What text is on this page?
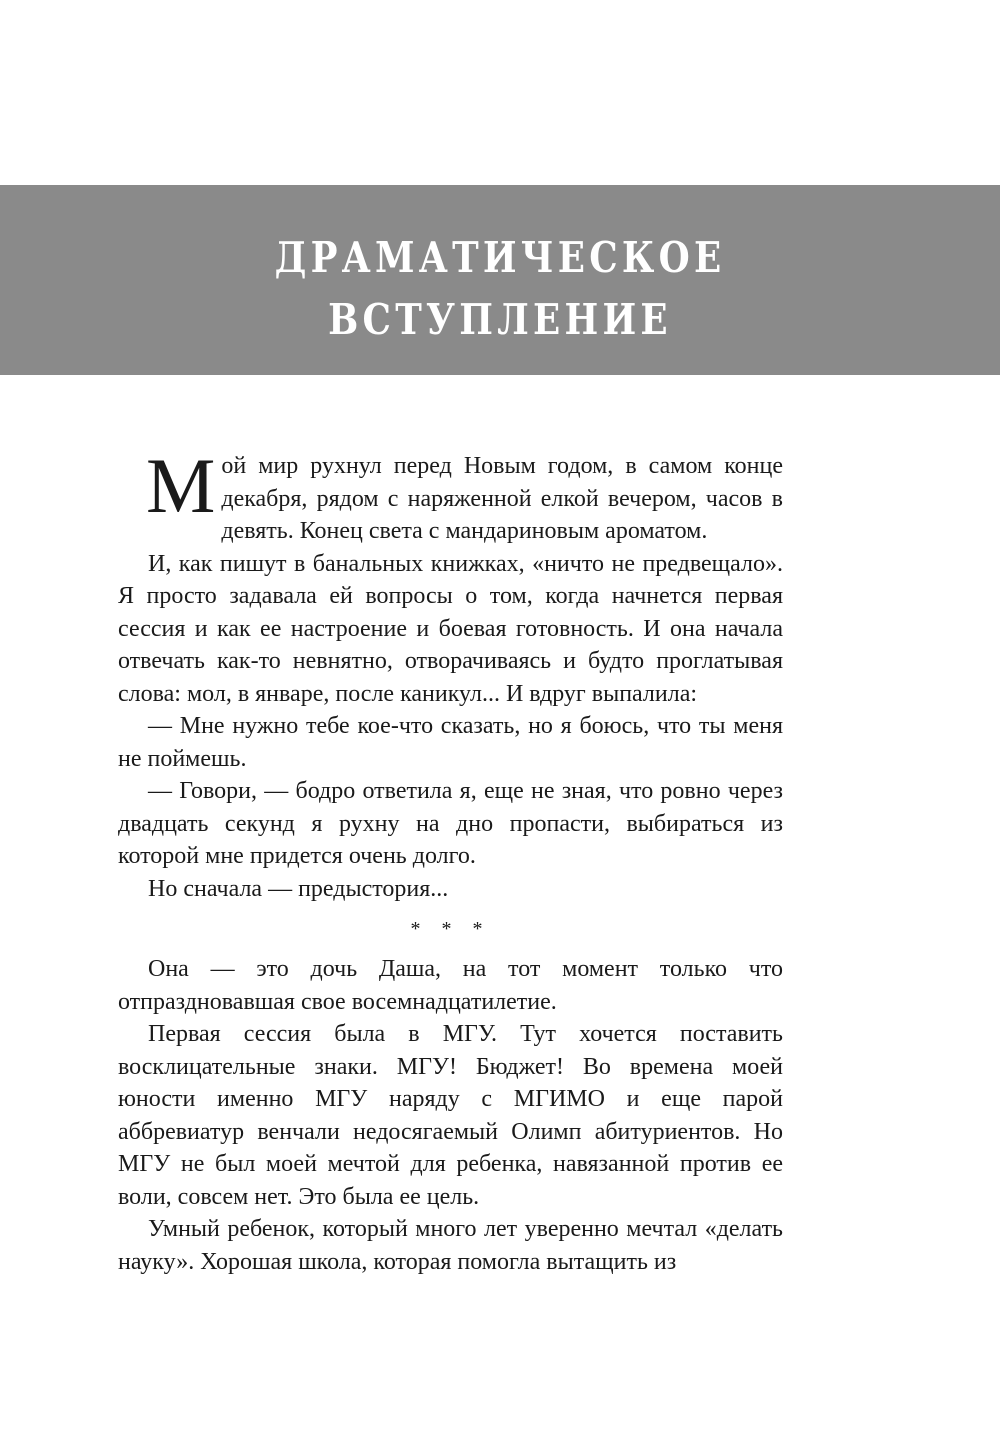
ДРАМАТИЧЕСКОЕ
ВСТУПЛЕНИЕ

Мой мир рухнул перед Новым годом, в самом конце декабря, рядом с наряженной елкой вечером, часов в девять. Конец света с мандариновым ароматом.

И, как пишут в банальных книжках, «ничто не предвещало». Я просто задавала ей вопросы о том, когда начнется первая сессия и как ее настроение и боевая готовность. И она начала отвечать как-то невнятно, отворачиваясь и будто проглатывая слова: мол, в январе, после каникул... И вдруг выпалила:

— Мне нужно тебе кое-что сказать, но я боюсь, что ты меня не поймешь.

— Говори, — бодро ответила я, еще не зная, что ровно через двадцать секунд я рухну на дно пропасти, выбираться из которой мне придется очень долго.

Но сначала — предыстория...

* * *

Она — это дочь Даша, на тот момент только что отпраздновавшая свое восемнадцатилетие.

Первая сессия была в МГУ. Тут хочется поставить восклицательные знаки. МГУ! Бюджет! Во времена моей юности именно МГУ наряду с МГИМО и еще парой аббревиатур венчали недосягаемый Олимп абитуриентов. Но МГУ не был моей мечтой для ребенка, навязанной против ее воли, совсем нет. Это была ее цель.

Умный ребенок, который много лет уверенно мечтал «делать науку». Хорошая школа, которая помогла вытащить из
